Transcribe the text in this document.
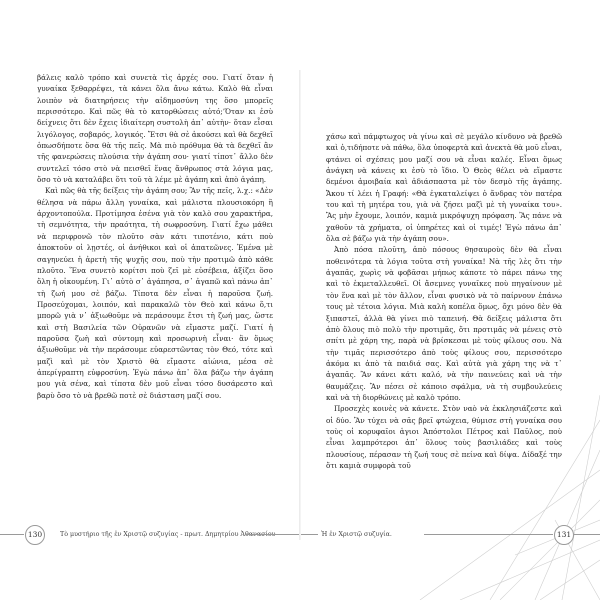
βάλεις καλὸ τρόπο καὶ συνετὰ τὶς ἀρχές σου. Γιατί ὅταν ἡ γυναίκα ξεθαρρέψει, τὰ κάνει ὅλα ἄνω κάτω. Καλὸ θὰ εἶναι λοιπὸν νὰ διατηρήσεις τὴν αἰδημοσύνη της ὅσο μπορεῖς περισσότερο. Καὶ πῶς θὰ τὸ κατορθώσεις αὐτό;’Όταν κι ἐσὺ δείχνεις ὅτι δὲν ἔχεις ἰδιαίτερη συστολὴ ἀπ᾽ αὐτὴν· ὅταν εἶσαι λιγόλογος, σοβαρός, λογικός. Ἔτσι θὰ σὲ ἀκούσει καὶ θὰ δεχθεῖ ὁπωσδήποτε ὅσα θὰ τῆς πεῖς. Μὰ πιὸ πρόθυμα θὰ τὰ δεχθεῖ ἂν τῆς φανερώσεις πλούσια τὴν ἀγάπη σου· γιατί τίποτ᾽ ἄλλο δὲν συντελεῖ τόσο στὸ νὰ πεισθεῖ ἕνας ἄνθρωπος στὰ λόγια μας, ὅσο τὸ νὰ καταλάβει ὅτι τοῦ τὰ λέμε μὲ ἀγάπη καὶ ἀπὸ ἀγάπη.

Καὶ πῶς θὰ τῆς δείξεις τὴν ἀγάπη σου; Ἂν τῆς πεῖς, λ.χ.: «Δὲν θέλησα νὰ πάρω ἄλλη γυναίκα, καὶ μάλιστα πλουσιοκόρη ἢ ἀρχοντοπούλα. Προτίμησα ἐσένα γιὰ τὸν καλὸ σου χαρακτήρα, τὴ σεμνότητα, τὴν πραότητα, τὴ σωφροσύνη. Γιατί ἔχω μάθει νὰ περιφρονῶ τὸν πλοῦτο σὰν κάτι τιποτένιο, κάτι ποὺ ἀποκτοῦν οἱ λῃστές, οἱ ἀνήθικοι καὶ οἱ ἀπατεῶνες. Ἐμένα μὲ σαγηνεύει ἡ ἀρετὴ τῆς ψυχῆς σου, ποὺ τὴν προτιμῶ ἀπὸ κάθε πλοῦτο. Ἕνα συνετὸ κορίτσι ποὺ ζεῖ μὲ εὐσέβεια, ἀξίζει ὅσο ὅλη ἡ οἰκουμένη. Γι᾽ αὐτὸ σ᾽ ἀγάπησα, σ᾽ ἀγαπῶ καὶ πάνω ἀπ᾽ τὴ ζωή μου σὲ βάζω. Τίποτα δὲν εἶναι ἡ παροῦσα ζωή. Προσεύχομαι, λοιπόν, καὶ παρακαλῶ τὸν Θεὸ καὶ κάνω ὅ,τι μπορῶ γιὰ ν᾽ ἀξιωθοῦμε νὰ περάσουμε ἔτσι τὴ ζωή μας, ὥστε καὶ στὴ Βασιλεία τῶν Οὐρανῶν νὰ εἴμαστε μαζί. Γιατί ἡ παροῦσα ζωὴ καὶ σύντομη καὶ προσωρινὴ εἶναι· ἂν ὅμως ἀξιωθοῦμε νὰ τὴν περάσουμε εὐαρεστῶντας τὸν Θεό, τότε καὶ μαζὶ καὶ μὲ τὸν Χριστὸ θὰ εἴμαστε αἰώνια, μέσα σὲ ἀπερίγραπτη εὐφροσύνη. Ἐγὼ πάνω ἀπ᾽ ὅλα βάζω τὴν ἀγάπη μου γιὰ σένα, καὶ τίποτα δὲν μοῦ εἶναι τόσο δυσάρεστο καὶ βαρὺ ὅσο τὸ νὰ βρεθῶ ποτὲ σὲ διάσταση μαζί σου.

130	Τὸ μυστήριο τῆς ἐν Χριστῷ συζυγίας - πρωτ. Δημητρίου Ἀθανασίου

χάσω καὶ πάμφτωχος νὰ γίνω καὶ σὲ μεγάλο κίνδυνο νὰ βρεθῶ καὶ ὁ,τιδήποτε νὰ πάθω, ὅλα ὑποφερτὰ καὶ ἀνεκτὰ θὰ μοῦ εἶναι, φτάνει οἱ σχέσεις μου μαζί σου νὰ εἶναι καλές. Εἶναι ὅμως ἀνάγκη νὰ κάνεις κι ἐσὺ τὸ ἴδιο. Ὁ Θεὸς θέλει νὰ εἴμαστε δεμένοι ἀμοιβαία καὶ ἀδιάσπαστα μὲ τὸν δεσμὸ τῆς ἀγάπης. Ἄκου τί λέει ἡ Γραφή: «Θὰ ἐγκαταλείψει ὁ ἄνδρας τὸν πατέρα του καὶ τὴ μητέρα του, γιὰ νὰ ζήσει μαζὶ μὲ τὴ γυναίκα του». Ἂς μὴν ἔχουμε, λοιπόν, καμιὰ μικρόψυχη πρόφαση. Ἂς πάνε νὰ χαθοῦν τὰ χρήματα, οἱ ὑπηρέτες καὶ οἱ τιμές! Ἐγὼ πάνω ἀπ᾽ ὅλα σὲ βάζω γιὰ τὴν ἀγάπη σου».

Ἀπὸ πόσα πλοῦτη, ἀπὸ πόσους θησαυροὺς δὲν θὰ εἶναι ποθεινότερα τὰ λόγια τοῦτα στὴ γυναίκα! Νὰ τῆς λὲς ὅτι τὴν ἀγαπᾶς, χωρὶς νὰ φοβᾶσαι μήπως κάποτε τὸ πάρει πάνω της καὶ τὸ ἐκμεταλλευθεῖ. Οἱ ἄσεμνες γυναῖκες ποὺ πηγαίνουν μὲ τὸν ἕνα καὶ μὲ τὸν ἄλλον, εἶναι φυσικὸ νὰ τὸ παίρνουν ἐπάνω τους μὲ τέτοια λόγια. Μιὰ καλὴ κοπέλα ὅμως, ὄχι μόνο δὲν θὰ ξιπαστεῖ, ἀλλὰ θὰ γίνει πιὸ ταπεινή. Θὰ δείξεις μάλιστα ὅτι ἀπὸ ὅλους πιὸ πολὺ τὴν προτιμᾶς, ὅτι προτιμᾶς νὰ μένεις στὸ σπίτι μὲ χάρη της, παρὰ νὰ βρίσκεσαι μὲ τοὺς φίλους σου. Νὰ τὴν τιμᾶς περισσότερο ἀπὸ τοὺς φίλους σου, περισσότερο ἀκόμα κι ἀπὸ τὰ παιδιά σας. Καὶ αὐτὰ γιὰ χάρη της νὰ τ᾽ ἀγαπᾶς. Ἂν κάνει κάτι καλό, νὰ τὴν παινεύεις καὶ νὰ τὴν θαυμάζεις. Ἂν πέσει σὲ κάποιο σφάλμα, νὰ τὴ συμβουλεύεις καὶ νὰ τὴ διορθώνεις μὲ καλὸ τρόπο.

Προσεχὲς κοινὲς νὰ κάνετε. Στὸν ναὸ νὰ ἐκκλησιάζεστε καὶ οἱ δύο. Ἂν τύχει νὰ σᾶς βρεῖ φτώχεια, θύμισε στὴ γυναίκα σου τοὺς οἱ κορυφαῖοι ἁγιοι Ἀπόστολοι Πέτρος καὶ Παῦλος, ποὺ εἶναι λαμπρότεροι ἀπ᾽ ὅλους τοὺς βασιλιάδες καὶ τοὺς πλουσίους, πέρασαν τὴ ζωή τους σὲ πείνα καὶ δίψα. Δίδαξέ την ὅτι καμιὰ συμφορὰ τοῦ

Ἡ ἐν Χριστῷ συζυγία.	131
